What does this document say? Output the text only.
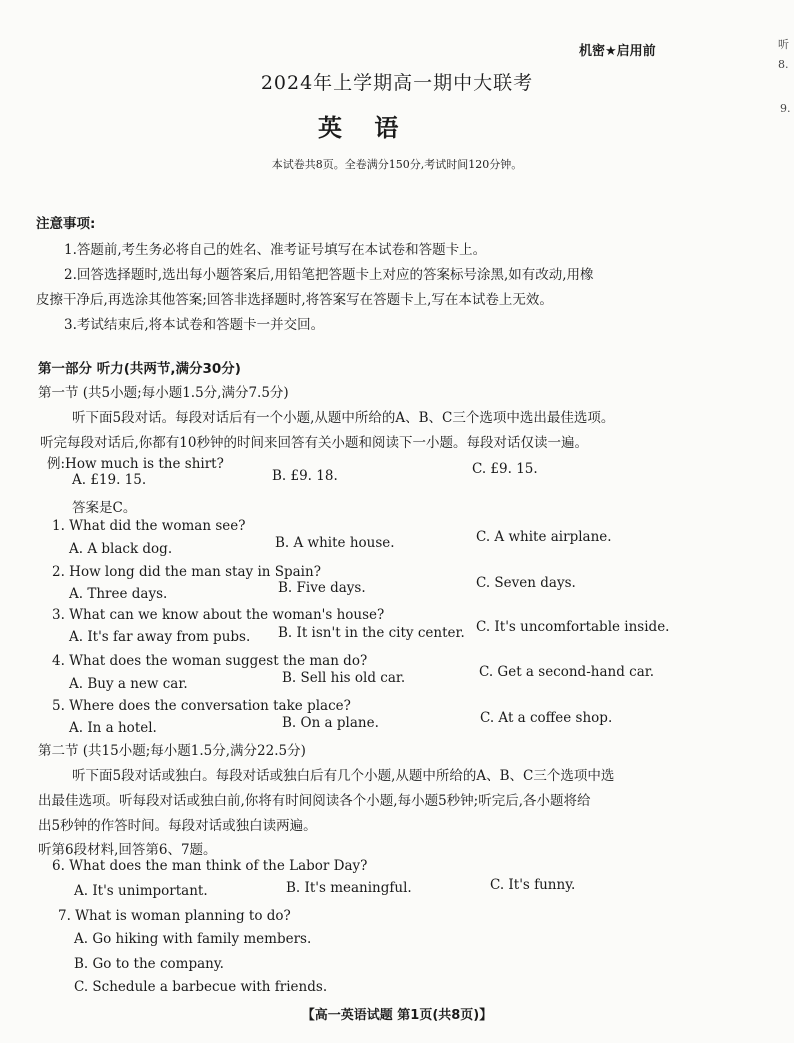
机密★启用前	听
8.
9.
2024年上学期高一期中大联考
英 语
本试卷共8页。全卷满分150分,考试时间120分钟。
注意事项:
1.答题前,考生务必将自己的姓名、准考证号填写在本试卷和答题卡上。
2.回答选择题时,选出每小题答案后,用铅笔把答题卡上对应的答案标号涂黑,如有改动,用橡
皮擦干净后,再选涂其他答案;回答非选择题时,将答案写在答题卡上,写在本试卷上无效。
3.考试结束后,将本试卷和答题卡一并交回。
第一部分 听力(共两节,满分30分)
第一节 (共5小题;每小题1.5分,满分7.5分)
听下面5段对话。每段对话后有一个小题,从题中所给的A、B、C三个选项中选出最佳选项。
听完每段对话后,你都有10秒钟的时间来回答有关小题和阅读下一小题。每段对话仅读一遍。
例:How much is the shirt?
A. £19. 15.	B. £9. 18.	C. £9. 15.
答案是C。
1. What did the woman see?
A. A black dog.	B. A white house.	C. A white airplane.
2. How long did the man stay in Spain?
A. Three days.	B. Five days.	C. Seven days.
3. What can we know about the woman's house?
A. It's far away from pubs. B. It isn't in the city center. C. It's uncomfortable inside.
4. What does the woman suggest the man do?
A. Buy a new car.	B. Sell his old car.	C. Get a second-hand car.
5. Where does the conversation take place?
A. In a hotel.	B. On a plane.	C. At a coffee shop.
第二节 (共15小题;每小题1.5分,满分22.5分)
听下面5段对话或独白。每段对话或独白后有几个小题,从题中所给的A、B、C三个选项中选
出最佳选项。听每段对话或独白前,你将有时间阅读各个小题,每小题5秒钟;听完后,各小题将给
出5秒钟的作答时间。每段对话或独白读两遍。
听第6段材料,回答第6、7题。
6. What does the man think of the Labor Day?
A. It's unimportant.	B. It's meaningful.	C. It's funny.
7. What is woman planning to do?
A. Go hiking with family members.
B. Go to the company.
C. Schedule a barbecue with friends.
【高一英语试题 第1页(共8页)】
